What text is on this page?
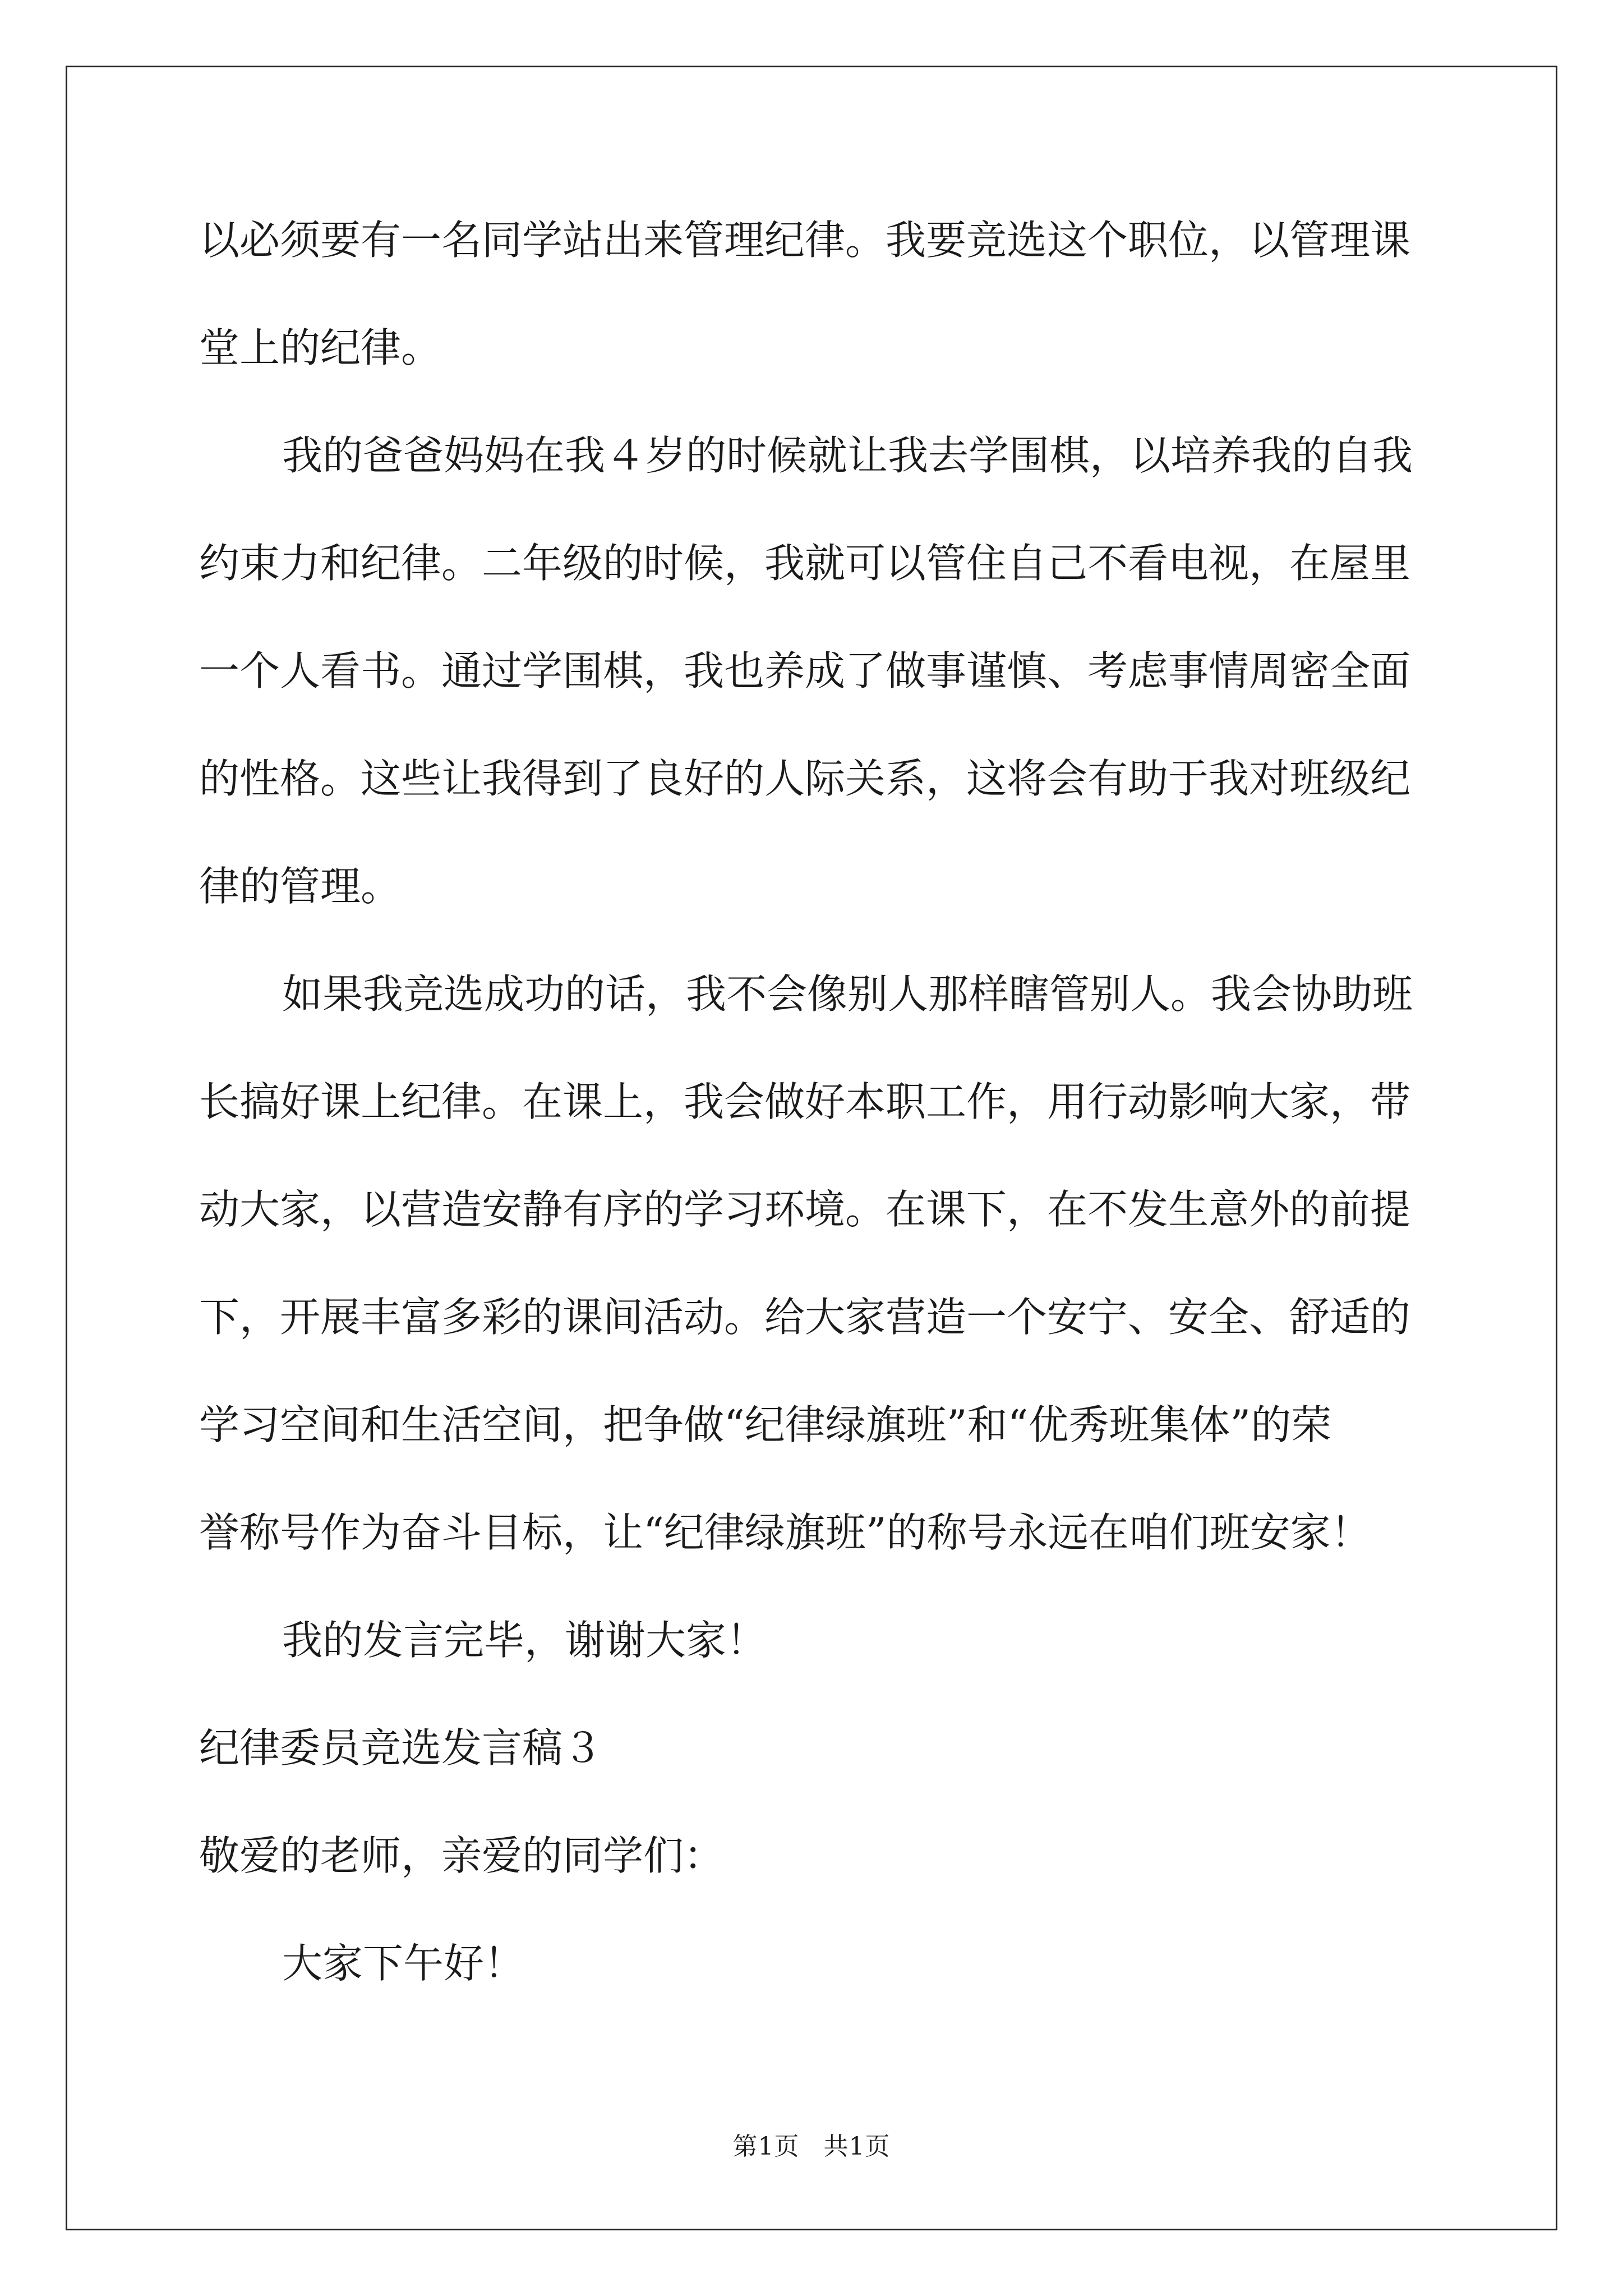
以必须要有一名同学站出来管理纪律。我要竞选这个职位，以管理课
堂上的纪律。
我的爸爸妈妈在我４岁的时候就让我去学围棋，以培养我的自我
约束力和纪律。二年级的时候，我就可以管住自己不看电视，在屋里
一个人看书。通过学围棋，我也养成了做事谨慎、考虑事情周密全面
的性格。这些让我得到了良好的人际关系，这将会有助于我对班级纪
律的管理。
如果我竞选成功的话，我不会像别人那样瞎管别人。我会协助班
长搞好课上纪律。在课上，我会做好本职工作，用行动影响大家，带
动大家，以营造安静有序的学习环境。在课下，在不发生意外的前提
下，开展丰富多彩的课间活动。给大家营造一个安宁、安全、舒适的
学习空间和生活空间，把争做“纪律绿旗班”和“优秀班集体”的荣
誉称号作为奋斗目标，让“纪律绿旗班”的称号永远在咱们班安家！
我的发言完毕，谢谢大家！
纪律委员竞选发言稿３
敬爱的老师，亲爱的同学们：
大家下午好！
第1页 共1页
